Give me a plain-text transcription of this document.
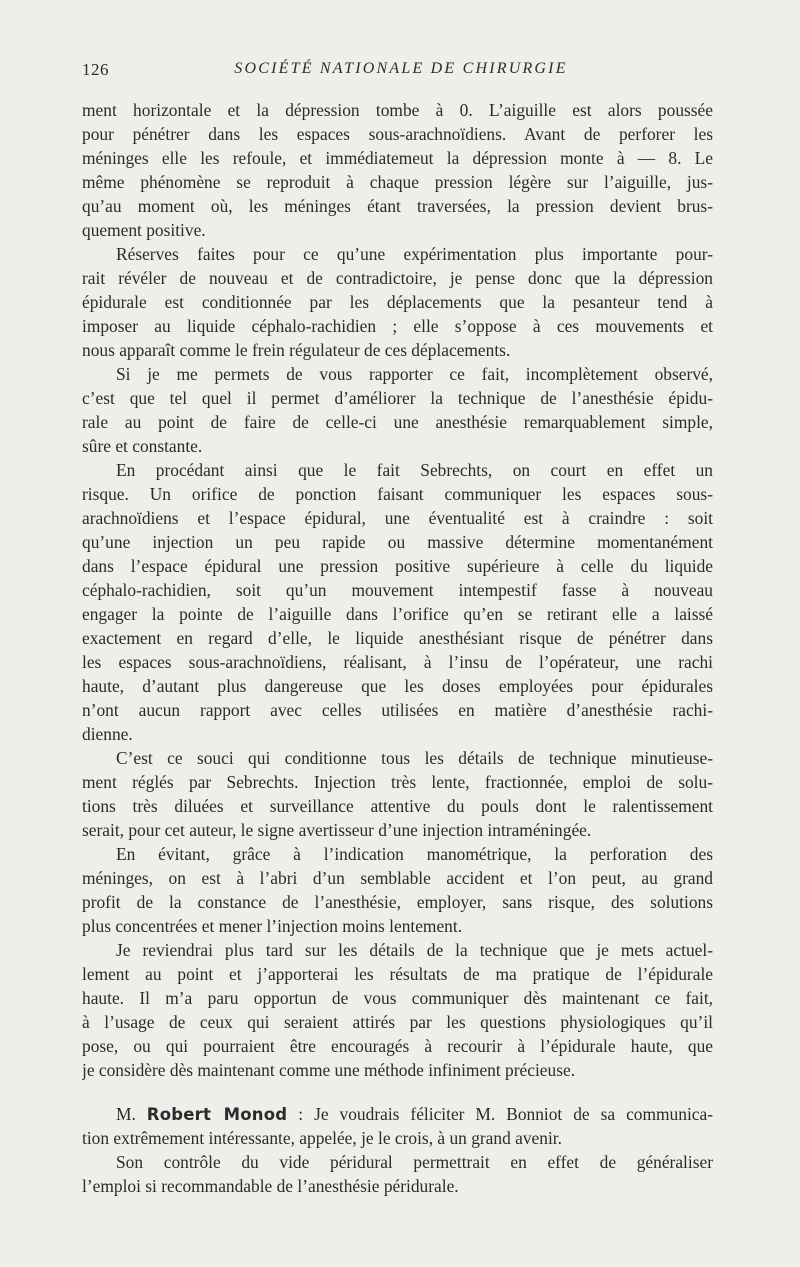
126	SOCIÉTÉ NATIONALE DE CHIRURGIE
ment horizontale et la dépression tombe à 0. L’aiguille est alors poussée
pour pénétrer dans les espaces sous-arachnoïdiens. Avant de perforer les
méninges elle les refoule, et immédiatemeut la dépression monte à — 8. Le
même phénomène se reproduit à chaque pression légère sur l’aiguille, jus-
qu’au moment où, les méninges étant traversées, la pression devient brus-
quement positive.
Réserves faites pour ce qu’une expérimentation plus importante pour-
rait révéler de nouveau et de contradictoire, je pense donc que la dépression
épidurale est conditionnée par les déplacements que la pesanteur tend à
imposer au liquide céphalo-rachidien ; elle s’oppose à ces mouvements et
nous apparaît comme le frein régulateur de ces déplacements.
Si je me permets de vous rapporter ce fait, incomplètement observé,
c’est que tel quel il permet d’améliorer la technique de l’anesthésie épidu-
rale au point de faire de celle-ci une anesthésie remarquablement simple,
sûre et constante.
En procédant ainsi que le fait Sebrechts, on court en effet un
risque. Un orifice de ponction faisant communiquer les espaces sous-
arachnoïdiens et l’espace épidural, une éventualité est à craindre : soit
qu’une injection un peu rapide ou massive détermine momentanément
dans l’espace épidural une pression positive supérieure à celle du liquide
céphalo-rachidien, soit qu’un mouvement intempestif fasse à nouveau
engager la pointe de l’aiguille dans l’orifice qu’en se retirant elle a laissé
exactement en regard d’elle, le liquide anesthésiant risque de pénétrer dans
les espaces sous-arachnoïdiens, réalisant, à l’insu de l’opérateur, une rachi
haute, d’autant plus dangereuse que les doses employées pour épidurales
n’ont aucun rapport avec celles utilisées en matière d’anesthésie rachi-
dienne.
C’est ce souci qui conditionne tous les détails de technique minutieuse-
ment réglés par Sebrechts. Injection très lente, fractionnée, emploi de solu-
tions très diluées et surveillance attentive du pouls dont le ralentissement
serait, pour cet auteur, le signe avertisseur d’une injection intraméningée.
En évitant, grâce à l’indication manométrique, la perforation des
méninges, on est à l’abri d’un semblable accident et l’on peut, au grand
profit de la constance de l’anesthésie, employer, sans risque, des solutions
plus concentrées et mener l’injection moins lentement.
Je reviendrai plus tard sur les détails de la technique que je mets actuel-
lement au point et j’apporterai les résultats de ma pratique de l’épidurale
haute. Il m’a paru opportun de vous communiquer dès maintenant ce fait,
à l’usage de ceux qui seraient attirés par les questions physiologiques qu’il
pose, ou qui pourraient être encouragés à recourir à l’épidurale haute, que
je considère dès maintenant comme une méthode infiniment précieuse.
M. Robert Monod : Je voudrais féliciter M. Bonniot de sa communica-
tion extrêmement intéressante, appelée, je le crois, à un grand avenir.
Son contrôle du vide péridural permettrait en effet de généraliser
l’emploi si recommandable de l’anesthésie péridurale.
